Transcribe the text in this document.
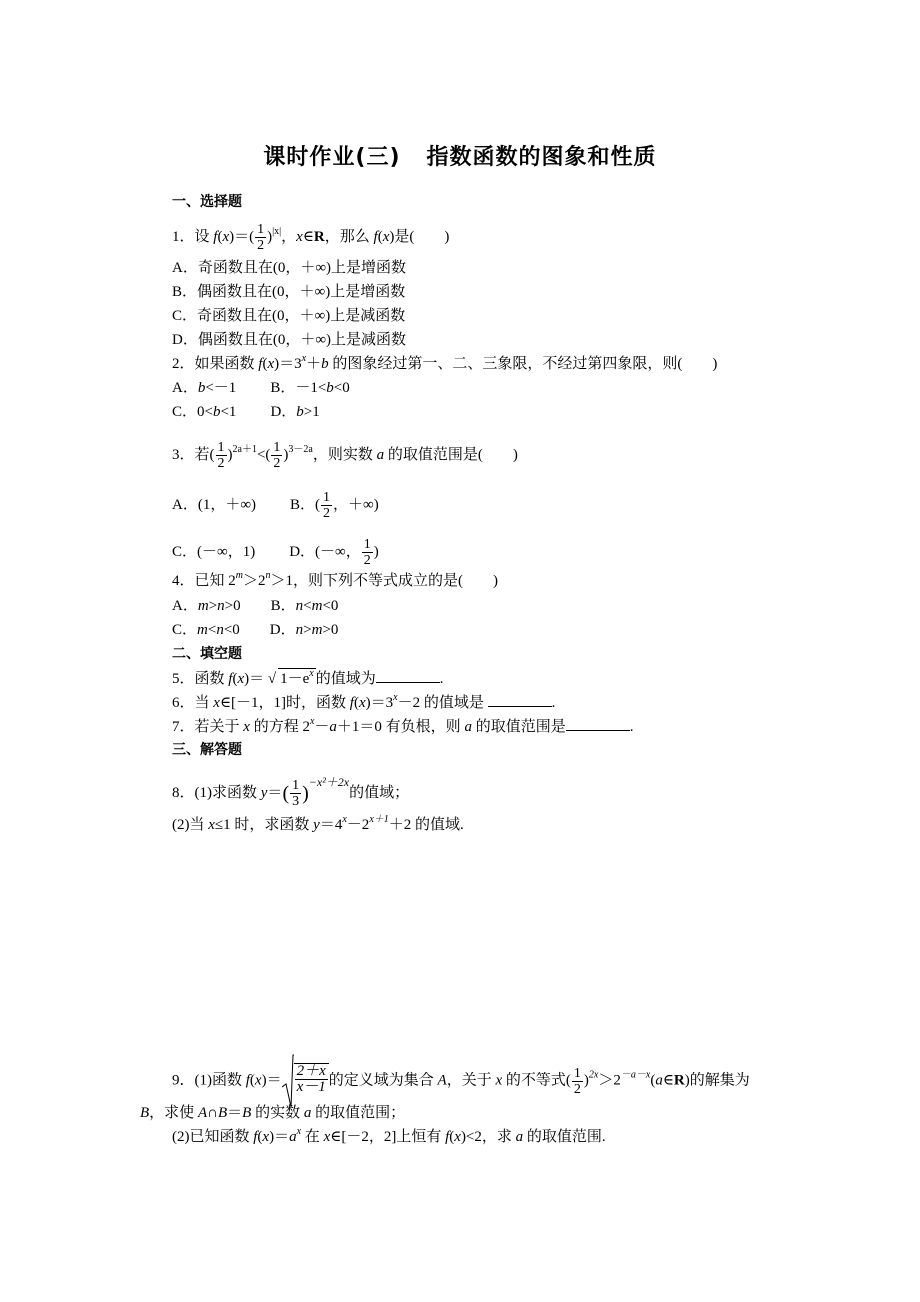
课时作业(三) 指数函数的图象和性质
一、选择题
1．设 $f(x)=( \frac{1}{2} )^{|x|}$，x∈R，那么 f(x)是(　　)
A．奇函数且在(0，＋∞)上是增函数
B．偶函数且在(0，＋∞)上是增函数
C．奇函数且在(0，＋∞)上是减函数
D．偶函数且在(0，＋∞)上是减函数
2．如果函数 $f(x)=3^x+b$ 的图象经过第一、二、三象限，不经过第四象限，则(　　)
A．b<－1 B．－1<b<0
C．0<b<1 D．b>1
3．若( $\frac{1}{2} )^{2a+1}<( \frac{1}{2} )^{3-2a}$，则实数 a 的取值范围是(　　)
A．(1，＋∞) B．( $\frac{1}{2}$ ，＋∞)
C．(－∞，1) D．(－∞， $\frac{1}{2}$ )
4．已知 $2^m>2^n>1$，则下列不等式成立的是(　　)
A．m>n>0 B．n<m<0
C．m<n<0 D．n>m>0
二、填空题
5．函数 f(x)＝ √ $1-e^x$ 的值域为	.
6．当 x∈[－1，1]时，函数 $f(x)=3^x-2$ 的值域是	.
7．若关于 x 的方程 $2^x-a+1=0$ 有负根，则 a 的取值范围是	.
三、解答题
8．(1)求函数 $y=( \frac{1}{3} )^{-x^2+2x}$的值域；
(2)当 x≤1 时，求函数 $y=4^x-2^{x+1}+2$ 的值域.
9．(1)函数 $f(x)= \frac{2+x}{x-1}$ 的定义域为集合 A，关于 x 的不等式( $\frac{1}{2}$ )$^{2x}>2^{-a-x}(a\in R)$的解集为
B，求使 A∩B＝B 的实数 a 的取值范围；
(2)已知函数 $f(x)=a^x$ 在 x∈[－2，2]上恒有 f(x)<2，求 a 的取值范围.
